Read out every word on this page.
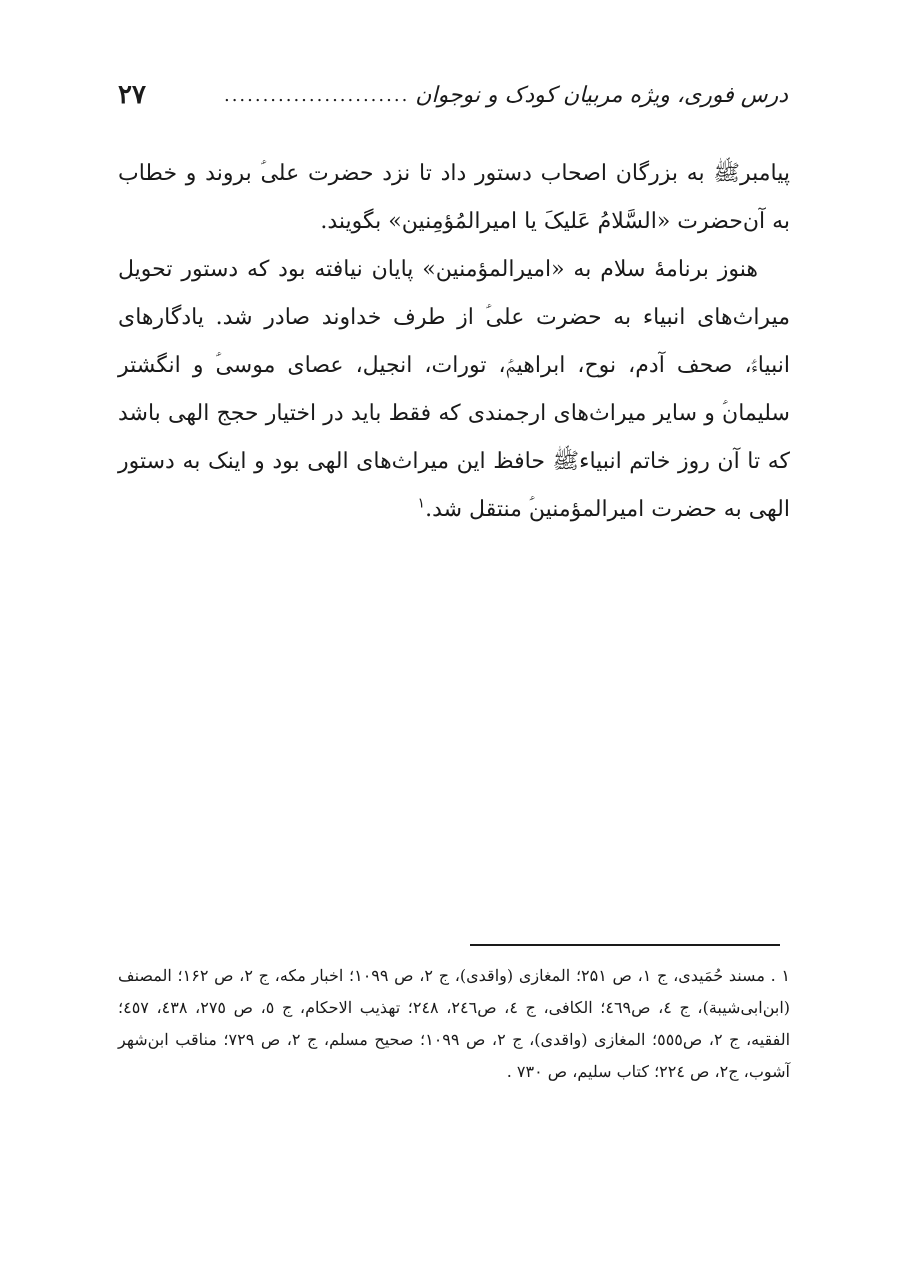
درس فوری، ویژه مربیان کودک و نوجوان
........................
۲۷

پیامبرﷺ به بزرگان اصحاب دستور داد تا نزد حضرت علی‌ؑ بروند و خطاب به آن‌حضرت «السَّلامُ عَلیکَ یا امیرالمُؤمِنین» بگویند.

هنوز برنامۀ سلام به «امیرالمؤمنین» پایان نیافته بود که دستور تحویل میراث‌های انبیاء به حضرت علی‌ؑ از طرف خداوند صادر شد. یادگارهای انبیاءؑ، صحف آدم، نوح، ابراهیمؑ، تورات، انجیل، عصای موسی‌ؑ و انگشتر سلیمان‌ؑ و سایر میراث‌های ارجمندی که فقط باید در اختیار حجج الهی باشد که تا آن روز خاتم انبیاءﷺ حافظ این میراث‌های الهی بود و اینک به دستور الهی به حضرت امیرالمؤمنین‌ؑ منتقل شد.$^۱$

۱ . مسند حُمَیدی، ج ۱، ص ۲۵۱؛ المغازی (واقدی)، ج ۲، ص ۱۰۹۹؛ اخبار مکه، ج ۲، ص ۱۶۲؛ المصنف (ابن‌ابی‌شیبة)، ج ٤، ص٤٦٩؛ الکافی، ج ٤، ص٢٤٦، ٢٤٨؛ تهذیب الاحکام، ج ٥، ص ٢٧٥، ٤٣٨، ٤٥٧؛ الفقیه، ج ٢، ص٥٥٥؛ المغازی (واقدی)، ج ٢، ص ١٠٩٩؛ صحیح مسلم، ج ٢، ص ٧٢٩؛ مناقب ابن‌شهر آشوب، ج٢، ص ٢٢٤؛ کتاب سلیم، ص ٧٣٠ .
